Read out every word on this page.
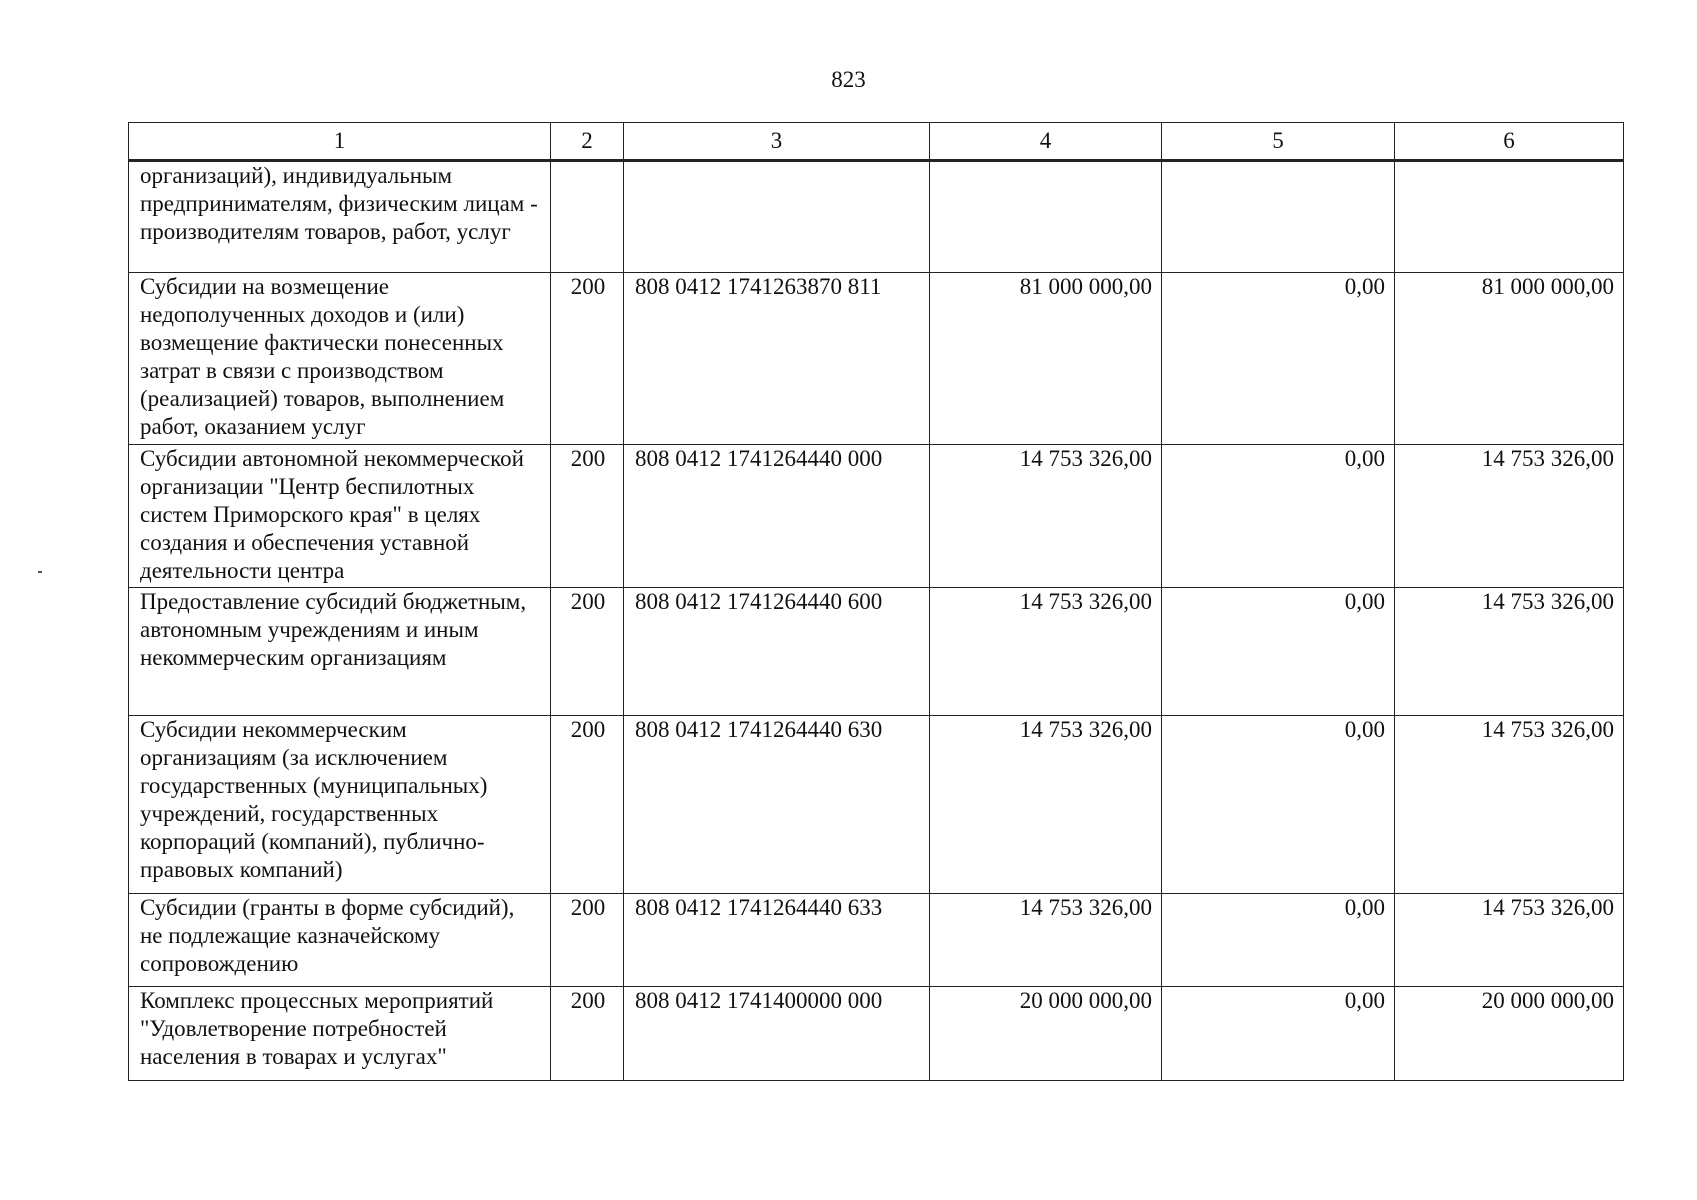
823
1	2	3	4	5	6
организаций), индивидуальным предпринимателям, физическим лицам - производителям товаров, работ, услуг					
Субсидии на возмещение недополученных доходов и (или) возмещение фактически понесенных затрат в связи с производством (реализацией) товаров, выполнением работ, оказанием услуг	200	808 0412 1741263870 811	81 000 000,00	0,00	81 000 000,00
Субсидии автономной некоммерческой организации "Центр беспилотных систем Приморского края" в целях создания и обеспечения уставной деятельности центра	200	808 0412 1741264440 000	14 753 326,00	0,00	14 753 326,00
Предоставление субсидий бюджетным, автономным учреждениям и иным некоммерческим организациям	200	808 0412 1741264440 600	14 753 326,00	0,00	14 753 326,00
Субсидии некоммерческим организациям (за исключением государственных (муниципальных) учреждений, государственных корпораций (компаний), публично-правовых компаний)	200	808 0412 1741264440 630	14 753 326,00	0,00	14 753 326,00
Субсидии (гранты в форме субсидий), не подлежащие казначейскому сопровождению	200	808 0412 1741264440 633	14 753 326,00	0,00	14 753 326,00
Комплекс процессных мероприятий "Удовлетворение потребностей населения в товарах и услугах"	200	808 0412 1741400000 000	20 000 000,00	0,00	20 000 000,00
